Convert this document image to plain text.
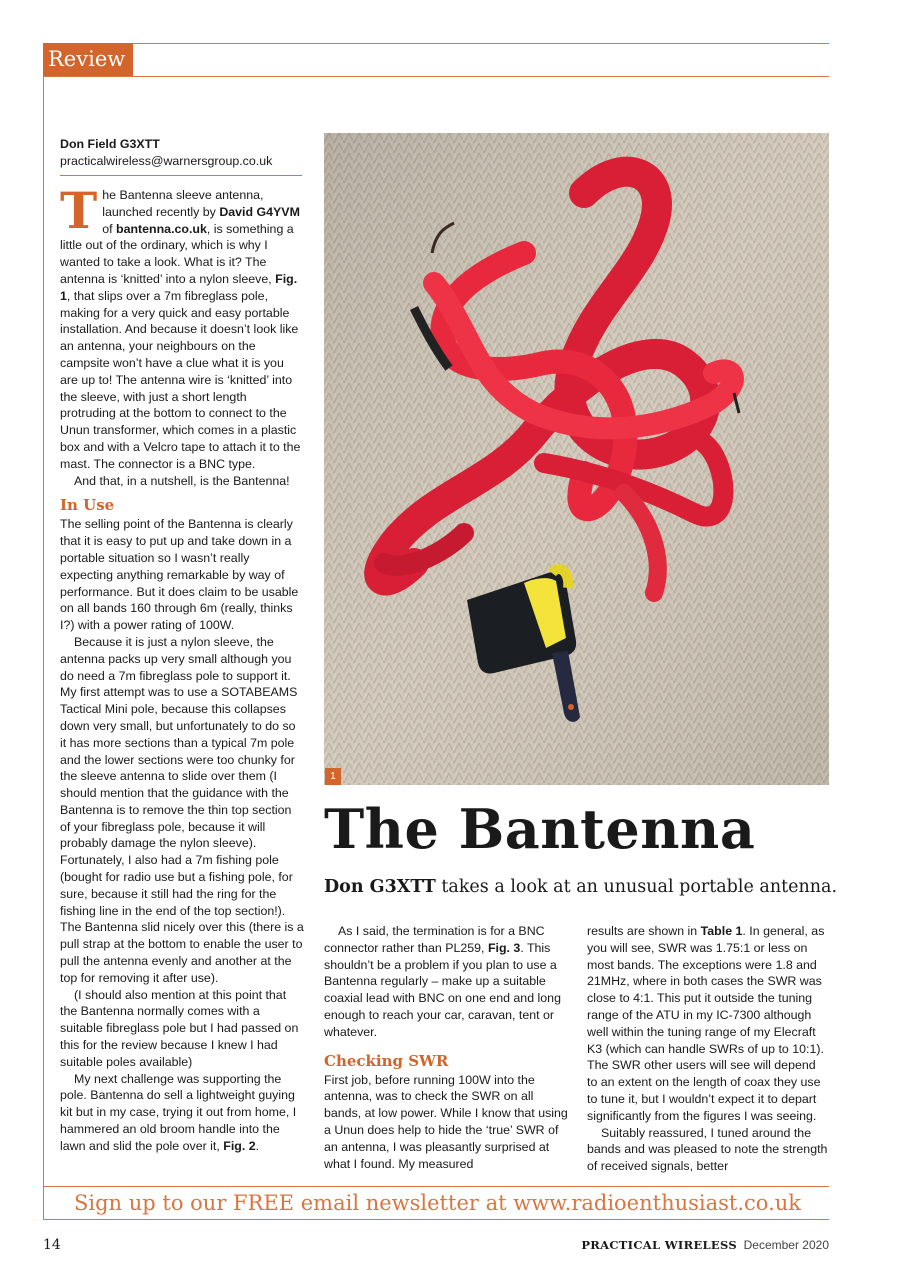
Review
Don Field G3XTT
practicalwireless@warnersgroup.co.uk

The Bantenna sleeve antenna, launched recently by David G4YVM of bantenna.co.uk, is something a little out of the ordinary, which is why I wanted to take a look. What is it? The antenna is ‘knitted’ into a nylon sleeve, Fig. 1, that slips over a 7m fibreglass pole, making for a very quick and easy portable installation. And because it doesn’t look like an antenna, your neighbours on the campsite won’t have a clue what it is you are up to! The antenna wire is ‘knitted’ into the sleeve, with just a short length protruding at the bottom to connect to the Unun transformer, which comes in a plastic box and with a Velcro tape to attach it to the mast. The connector is a BNC type.

And that, in a nutshell, is the Bantenna!

In Use

The selling point of the Bantenna is clearly that it is easy to put up and take down in a portable situation so I wasn’t really expecting anything remarkable by way of performance. But it does claim to be usable on all bands 160 through 6m (really, thinks I?) with a power rating of 100W.

Because it is just a nylon sleeve, the antenna packs up very small although you do need a 7m fibreglass pole to support it. My first attempt was to use a SOTABEAMS Tactical Mini pole, because this collapses down very small, but unfortunately to do so it has more sections than a typical 7m pole and the lower sections were too chunky for the sleeve antenna to slide over them (I should mention that the guidance with the Bantenna is to remove the thin top section of your fibreglass pole, because it will probably damage the nylon sleeve). Fortunately, I also had a 7m fishing pole (bought for radio use but a fishing pole, for sure, because it still had the ring for the fishing line in the end of the top section!). The Bantenna slid nicely over this (there is a pull strap at the bottom to enable the user to pull the antenna evenly and another at the top for removing it after use).

(I should also mention at this point that the Bantenna normally comes with a suitable fibreglass pole but I had passed on this for the review because I knew I had suitable poles available)

My next challenge was supporting the pole. Bantenna do sell a lightweight guying kit but in my case, trying it out from home, I hammered an old broom handle into the lawn and slid the pole over it, Fig. 2.

1
The Bantenna
Don G3XTT takes a look at an unusual portable antenna.

As I said, the termination is for a BNC connector rather than PL259, Fig. 3. This shouldn’t be a problem if you plan to use a Bantenna regularly – make up a suitable coaxial lead with BNC on one end and long enough to reach your car, caravan, tent or whatever.

Checking SWR

First job, before running 100W into the antenna, was to check the SWR on all bands, at low power. While I know that using a Unun does help to hide the ‘true’ SWR of an antenna, I was pleasantly surprised at what I found. My measured

results are shown in Table 1. In general, as you will see, SWR was 1.75:1 or less on most bands. The exceptions were 1.8 and 21MHz, where in both cases the SWR was close to 4:1. This put it outside the tuning range of the ATU in my IC-7300 although well within the tuning range of my Elecraft K3 (which can handle SWRs of up to 10:1). The SWR other users will see will depend to an extent on the length of coax they use to tune it, but I wouldn’t expect it to depart significantly from the figures I was seeing.

Suitably reassured, I tuned around the bands and was pleased to note the strength of received signals, better

Sign up to our FREE email newsletter at www.radioenthusiast.co.uk
14	PRACTICAL WIRELESS December 2020
